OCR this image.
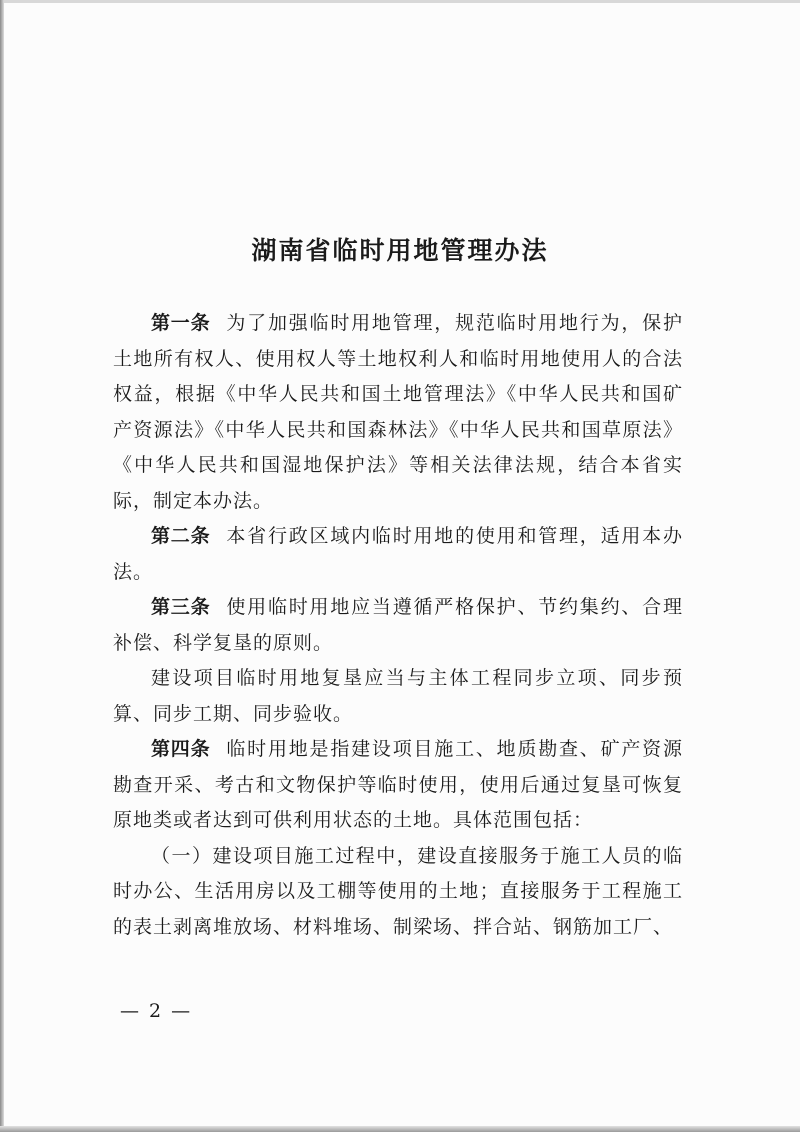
湖南省临时用地管理办法

第一条 为了加强临时用地管理，规范临时用地行为，保护土地所有权人、使用权人等土地权利人和临时用地使用人的合法权益，根据《中华人民共和国土地管理法》《中华人民共和国矿产资源法》《中华人民共和国森林法》《中华人民共和国草原法》《中华人民共和国湿地保护法》等相关法律法规，结合本省实际，制定本办法。

第二条 本省行政区域内临时用地的使用和管理，适用本办法。

第三条 使用临时用地应当遵循严格保护、节约集约、合理补偿、科学复垦的原则。

建设项目临时用地复垦应当与主体工程同步立项、同步预算、同步工期、同步验收。

第四条 临时用地是指建设项目施工、地质勘查、矿产资源勘查开采、考古和文物保护等临时使用，使用后通过复垦可恢复原地类或者达到可供利用状态的土地。具体范围包括：

（一）建设项目施工过程中，建设直接服务于施工人员的临时办公、生活用房以及工棚等使用的土地；直接服务于工程施工的表土剥离堆放场、材料堆场、制梁场、拌合站、钢筋加工厂、

— 2 —
